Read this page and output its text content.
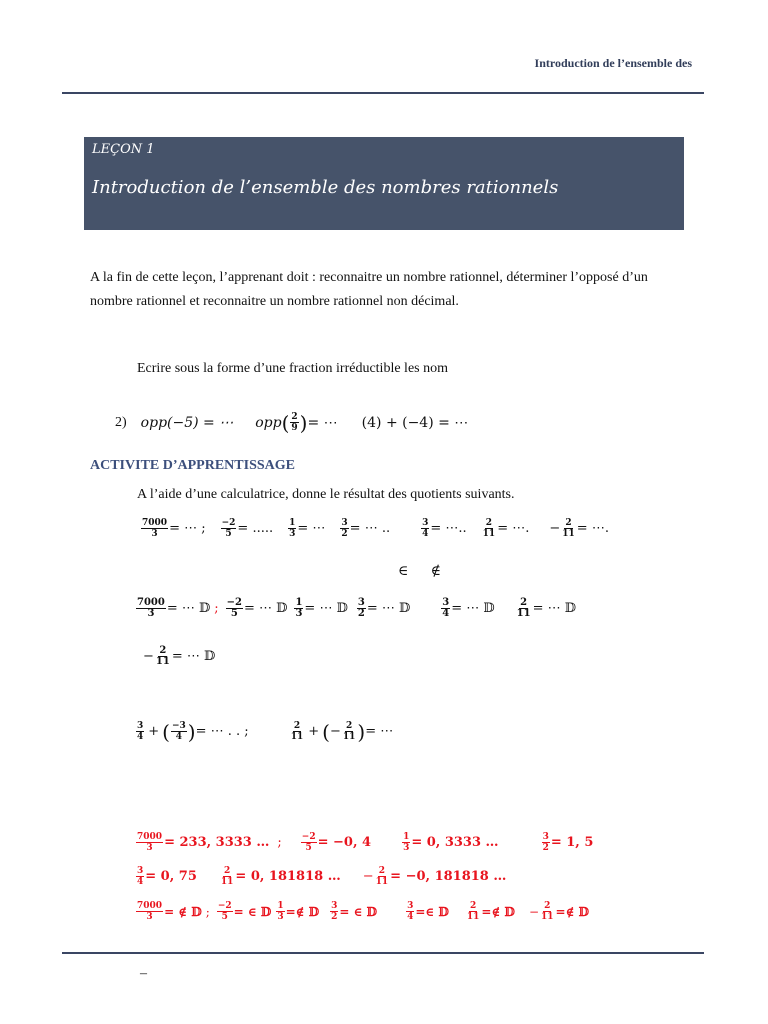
Introduction de l’ensemble des
LEÇON 1
Introduction de l’ensemble des nombres rationnels
A la fin de cette leçon, l’apprenant doit : reconnaitre un nombre rationnel, déterminer l’opposé d’un nombre rationnel et reconnaitre un nombre rationnel non décimal.
Ecrire sous la forme d’une fraction irréductible les nom
2) opp(−5) = ⋯ opp ( $\frac{2}{9}$ ) = ⋯ (4) + (−4) = ⋯
ACTIVITE D’APPRENTISSAGE
A l’aide d’une calculatrice, donne le résultat des quotients suivants.
$\frac{7000}{3}$ = ⋯ ; $\frac{-2}{5}$ = ..... $\frac{1}{3}$ = ⋯ $\frac{3}{2}$ = ⋯ ..	$\frac{3}{4}$ = ⋯.. $\frac{2}{11}$ = ⋯. − $\frac{2}{11}$ = ⋯.
∈     ∉
$\frac{7000}{3}$ = ⋯ 𝔻 ; $\frac{-2}{5}$ = ⋯ 𝔻 $\frac{1}{3}$ = ⋯ 𝔻 $\frac{3}{2}$ = ⋯ 𝔻	$\frac{3}{4}$ = ⋯ 𝔻 $\frac{2}{11}$ = ⋯ 𝔻
− $\frac{2}{11}$ = ⋯ 𝔻
$\frac{3}{4}$ + ( $\frac{-3}{4}$ ) = ⋯ . . ;	$\frac{2}{11}$ + ( − $\frac{2}{11}$ ) = ⋯
$\frac{7000}{3} = 233$, 3333 … ; $\frac{-2}{5} = -0$, 4	$\frac{1}{3} = 0$, 3333 …	$\frac{3}{2} = 1$, 5
$\frac{3}{4} = 0$, 75	$\frac{2}{11} = 0$, 181818 … − $\frac{2}{11} = -0$, 181818 …
$\frac{7000}{3}$ = ∉ 𝔻 ; $\frac{-2}{5}$ = ∈ 𝔻 $\frac{1}{3}$ =∉ 𝔻 $\frac{3}{2}$ = ∈ 𝔻	$\frac{3}{4}$ =∈ 𝔻 $\frac{2}{11}$ =∉ 𝔻 − $\frac{2}{11}$ =∉ 𝔻
–
